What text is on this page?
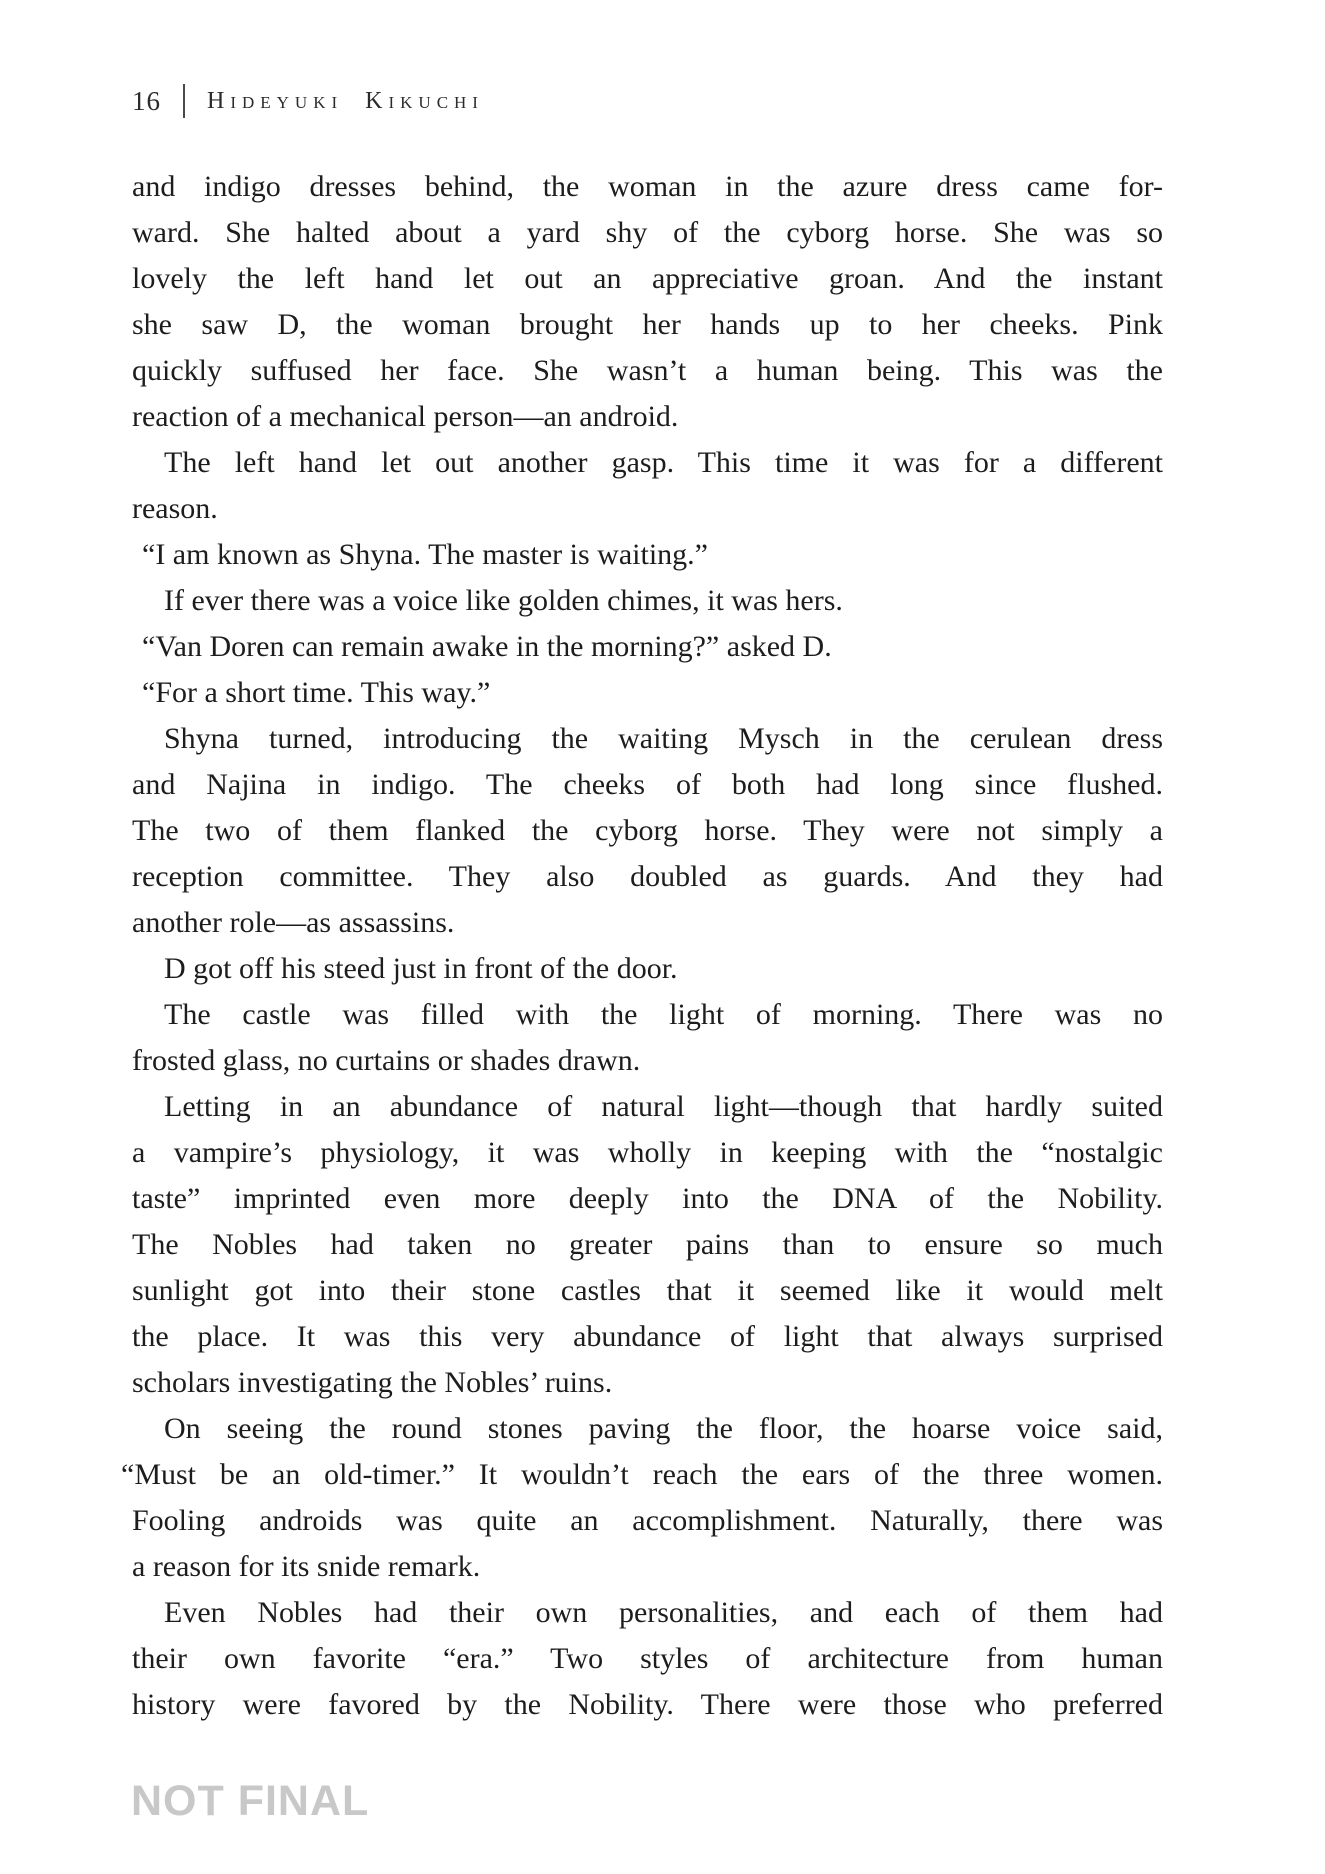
16 Hideyuki Kikuchi
and indigo dresses behind, the woman in the azure dress came for-
ward. She halted about a yard shy of the cyborg horse. She was so
lovely the left hand let out an appreciative groan. And the instant
she saw D, the woman brought her hands up to her cheeks. Pink
quickly suffused her face. She wasn’t a human being. This was the
reaction of a mechanical person—an android.
The left hand let out another gasp. This time it was for a different
reason.
“I am known as Shyna. The master is waiting.”
If ever there was a voice like golden chimes, it was hers.
“Van Doren can remain awake in the morning?” asked D.
“For a short time. This way.”
Shyna turned, introducing the waiting Mysch in the cerulean dress
and Najina in indigo. The cheeks of both had long since flushed.
The two of them flanked the cyborg horse. They were not simply a
reception committee. They also doubled as guards. And they had
another role—as assassins.
D got off his steed just in front of the door.
The castle was filled with the light of morning. There was no
frosted glass, no curtains or shades drawn.
Letting in an abundance of natural light—though that hardly suited
a vampire’s physiology, it was wholly in keeping with the “nostalgic
taste” imprinted even more deeply into the DNA of the Nobility.
The Nobles had taken no greater pains than to ensure so much
sunlight got into their stone castles that it seemed like it would melt
the place. It was this very abundance of light that always surprised
scholars investigating the Nobles’ ruins.
On seeing the round stones paving the floor, the hoarse voice said,
“Must be an old-timer.” It wouldn’t reach the ears of the three women.
Fooling androids was quite an accomplishment. Naturally, there was
a reason for its snide remark.
Even Nobles had their own personalities, and each of them had
their own favorite “era.” Two styles of architecture from human
history were favored by the Nobility. There were those who preferred
NOT FINAL
